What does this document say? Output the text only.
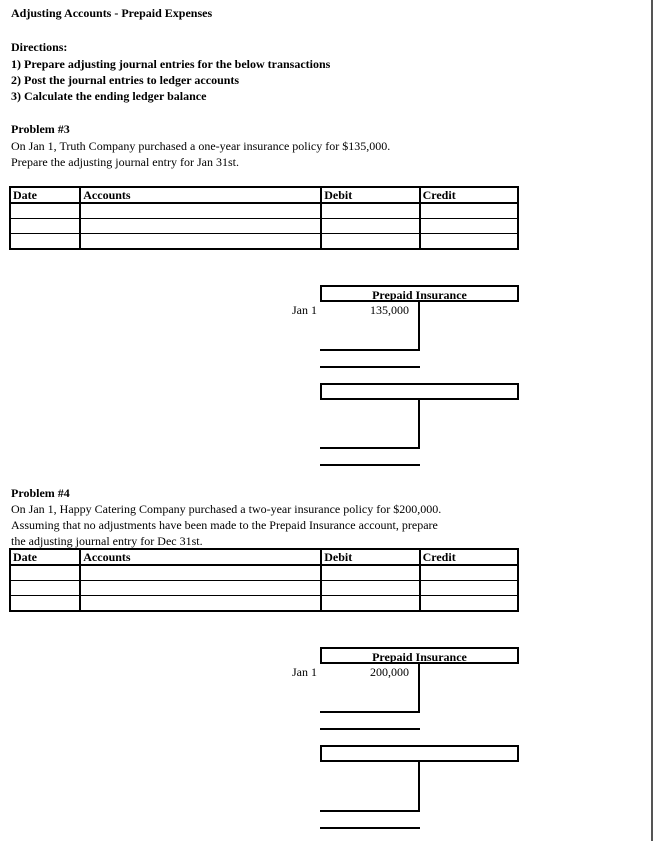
Adjusting Accounts - Prepaid Expenses
Directions:
1) Prepare adjusting journal entries for the below transactions
2) Post the journal entries to ledger accounts
3) Calculate the ending ledger balance
Problem #3
On Jan 1, Truth Company purchased a one-year insurance policy for $135,000.
Prepare the adjusting journal entry for Jan 31st.
Date	Accounts	Debit	Credit

Prepaid Insurance
Jan 1	135,000
Problem #4
On Jan 1, Happy Catering Company purchased a two-year insurance policy for $200,000.
Assuming that no adjustments have been made to the Prepaid Insurance account, prepare
the adjusting journal entry for Dec 31st.
Date	Accounts	Debit	Credit

Prepaid Insurance
Jan 1	200,000
